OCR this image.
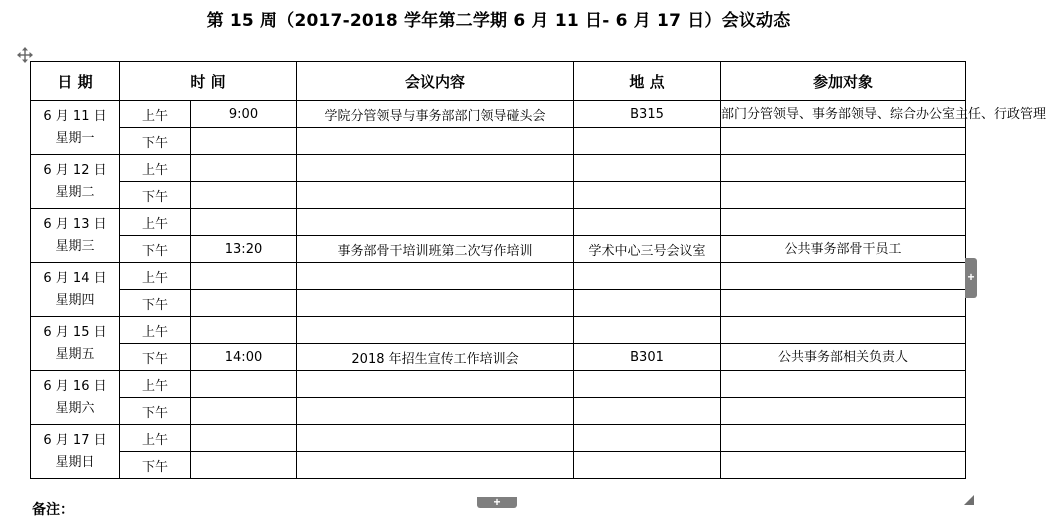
第 15 周（2017-2018 学年第二学期 6 月 11 日- 6 月 17 日）会议动态
日 期	时 间		会议内容	地 点	参加对象

6 月 11 日
星期一	上午	9:00	学院分管领导与事务部部门领导碰头会	B315	部门分管领导、事务部领导、综合办公室主任、行政管理
	下午				

6 月 12 日
星期二	上午				
	下午				

6 月 13 日
星期三	上午				
	下午	13:20	事务部骨干培训班第二次写作培训	学术中心三号会议室	公共事务部骨干员工

6 月 14 日
星期四	上午				
	下午				

6 月 15 日
星期五	上午				
	下午	14:00	2018 年招生宣传工作培训会	B301	公共事务部相关负责人

6 月 16 日
星期六	上午				
	下午				

6 月 17 日
星期日	上午				
	下午				
+
+
备注：
